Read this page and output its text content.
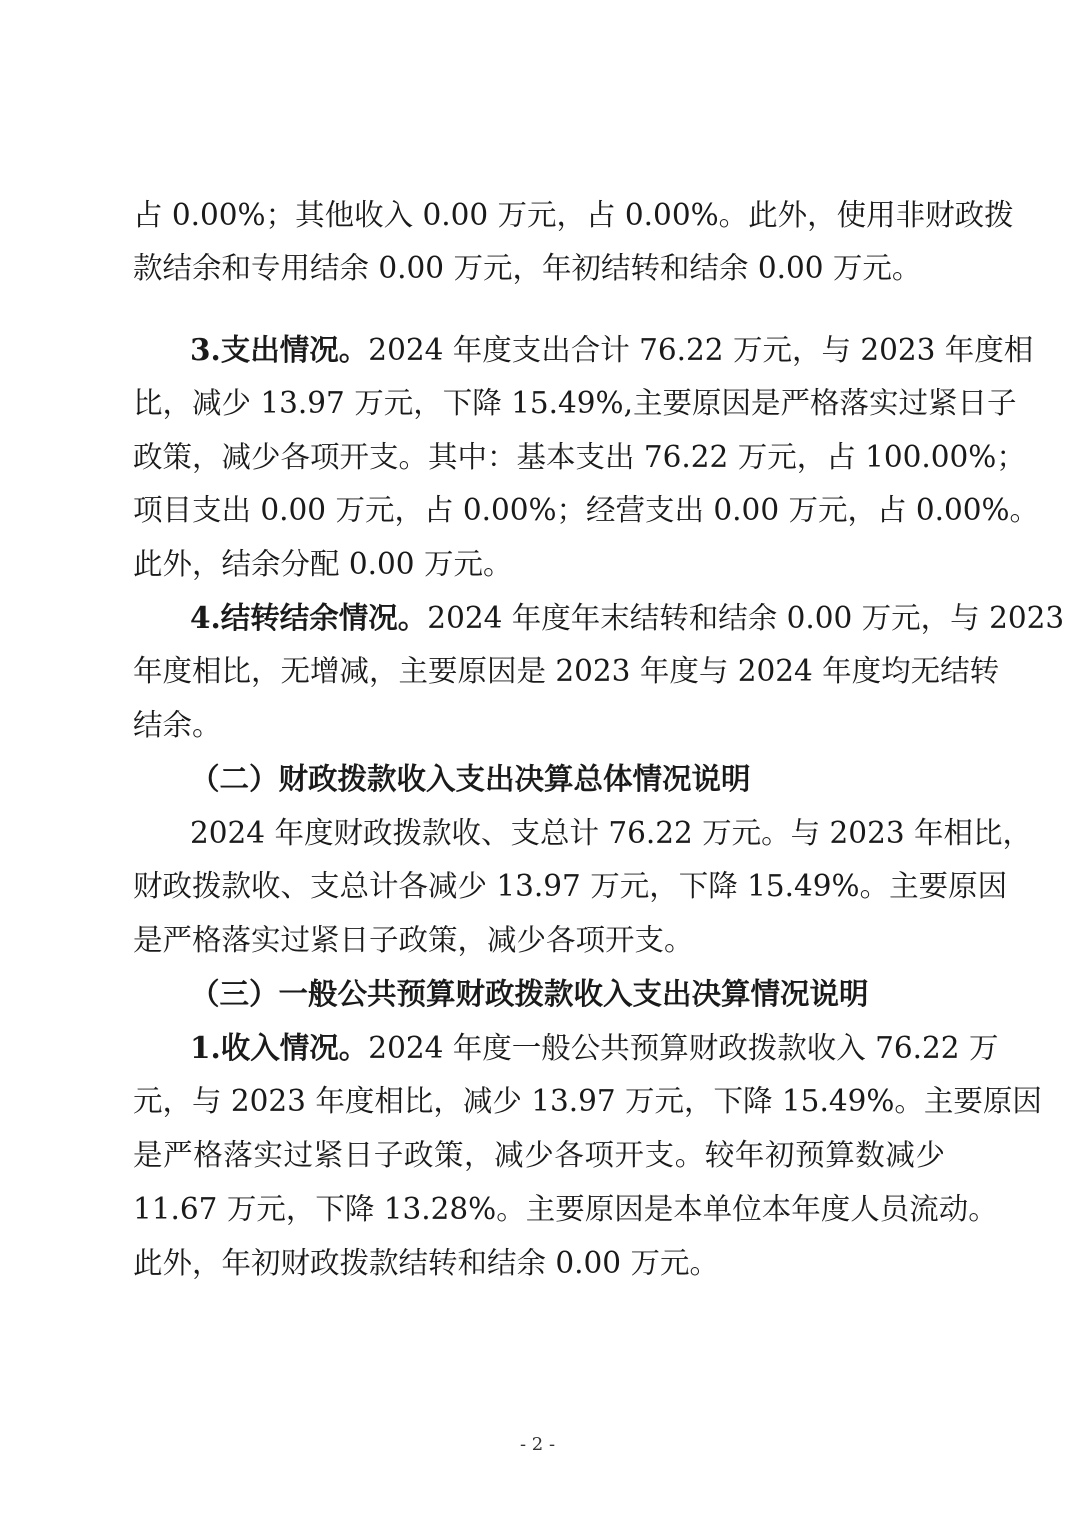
占 0.00%；其他收入 0.00 万元，占 0.00%。此外，使用非财政拨
款结余和专用结余 0.00 万元，年初结转和结余 0.00 万元。
3.支出情况。2024 年度支出合计 76.22 万元，与 2023 年度相
比，减少 13.97 万元，下降 15.49%,主要原因是严格落实过紧日子
政策，减少各项开支。其中：基本支出 76.22 万元，占 100.00%；
项目支出 0.00 万元，占 0.00%；经营支出 0.00 万元，占 0.00%。
此外，结余分配 0.00 万元。
4.结转结余情况。2024 年度年末结转和结余 0.00 万元，与 2023
年度相比，无增减，主要原因是 2023 年度与 2024 年度均无结转
结余。
（二）财政拨款收入支出决算总体情况说明
2024 年度财政拨款收、支总计 76.22 万元。与 2023 年相比，
财政拨款收、支总计各减少 13.97 万元，下降 15.49%。主要原因
是严格落实过紧日子政策，减少各项开支。
（三）一般公共预算财政拨款收入支出决算情况说明
1.收入情况。2024 年度一般公共预算财政拨款收入 76.22 万
元，与 2023 年度相比，减少 13.97 万元，下降 15.49%。主要原因
是严格落实过紧日子政策，减少各项开支。较年初预算数减少
11.67 万元，下降 13.28%。主要原因是本单位本年度人员流动。
此外，年初财政拨款结转和结余 0.00 万元。
- 2 -
